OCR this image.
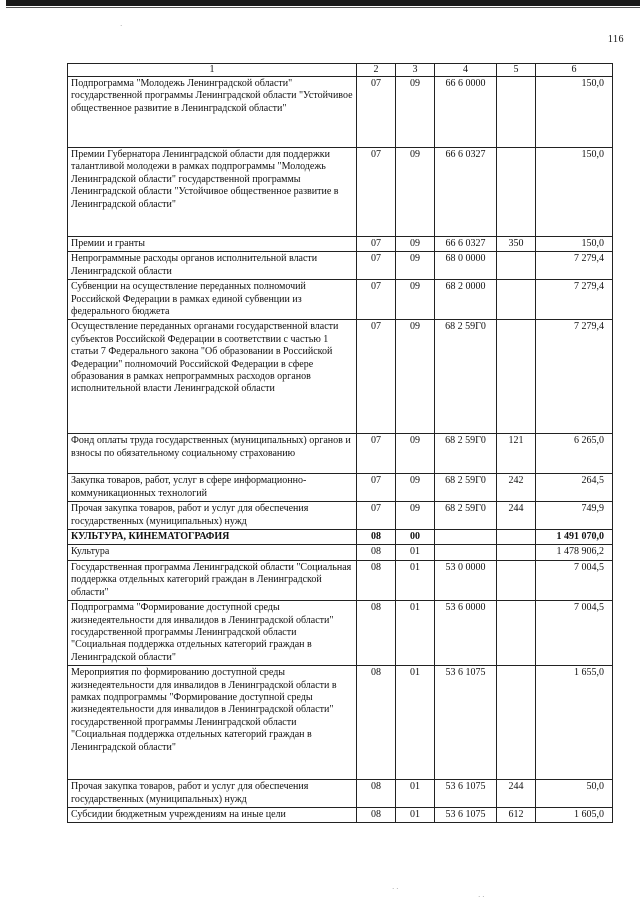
116
1	2	3	4	5	6
Подпрограмма "Молодежь Ленинградской области" государственной программы Ленинградской области "Устойчивое общественное развитие в Ленинградской области"	07	09	66 6 0000		150,0
Премии Губернатора Ленинградской области для поддержки талантливой молодежи в рамках подпрограммы "Молодежь Ленинградской области" государственной программы Ленинградской области "Устойчивое общественное развитие в Ленинградской области"	07	09	66 6 0327		150,0
Премии и гранты	07	09	66 6 0327	350	150,0
Непрограммные расходы органов исполнительной власти Ленинградской области	07	09	68 0 0000		7 279,4
Субвенции на осуществление переданных полномочий Российской Федерации в рамках единой субвенции из федерального бюджета	07	09	68 2 0000		7 279,4
Осуществление переданных органами государственной власти субъектов Российской Федерации в соответствии с частью 1 статьи 7 Федерального закона "Об образовании в Российской Федерации" полномочий Российской Федерации в сфере образования в рамках непрограммных расходов органов исполнительной власти Ленинградской области	07	09	68 2 59Г0		7 279,4
Фонд оплаты труда государственных (муниципальных) органов и взносы по обязательному социальному страхованию	07	09	68 2 59Г0	121	6 265,0
Закупка товаров, работ, услуг в сфере информационно-коммуникационных технологий	07	09	68 2 59Г0	242	264,5
Прочая закупка товаров, работ и услуг для обеспечения государственных (муниципальных) нужд	07	09	68 2 59Г0	244	749,9
КУЛЬТУРА, КИНЕМАТОГРАФИЯ	08	00			1 491 070,0
Культура	08	01			1 478 906,2
Государственная программа Ленинградской области "Социальная поддержка отдельных категорий граждан в Ленинградской области"	08	01	53 0 0000		7 004,5
Подпрограмма "Формирование доступной среды жизнедеятельности для инвалидов в Ленинградской области" государственной программы Ленинградской области "Социальная поддержка отдельных категорий граждан в Ленинградской области"	08	01	53 6 0000		7 004,5
Мероприятия по формированию доступной среды жизнедеятельности для инвалидов в Ленинградской области в рамках подпрограммы "Формирование доступной среды жизнедеятельности для инвалидов в Ленинградской области" государственной программы Ленинградской области "Социальная поддержка отдельных категорий граждан в Ленинградской области"	08	01	53 6 1075		1 655,0
Прочая закупка товаров, работ и услуг для обеспечения государственных (муниципальных) нужд	08	01	53 6 1075	244	50,0
Субсидии бюджетным учреждениям на иные цели	08	01	53 6 1075	612	1 605,0
·
· ·
· ·
